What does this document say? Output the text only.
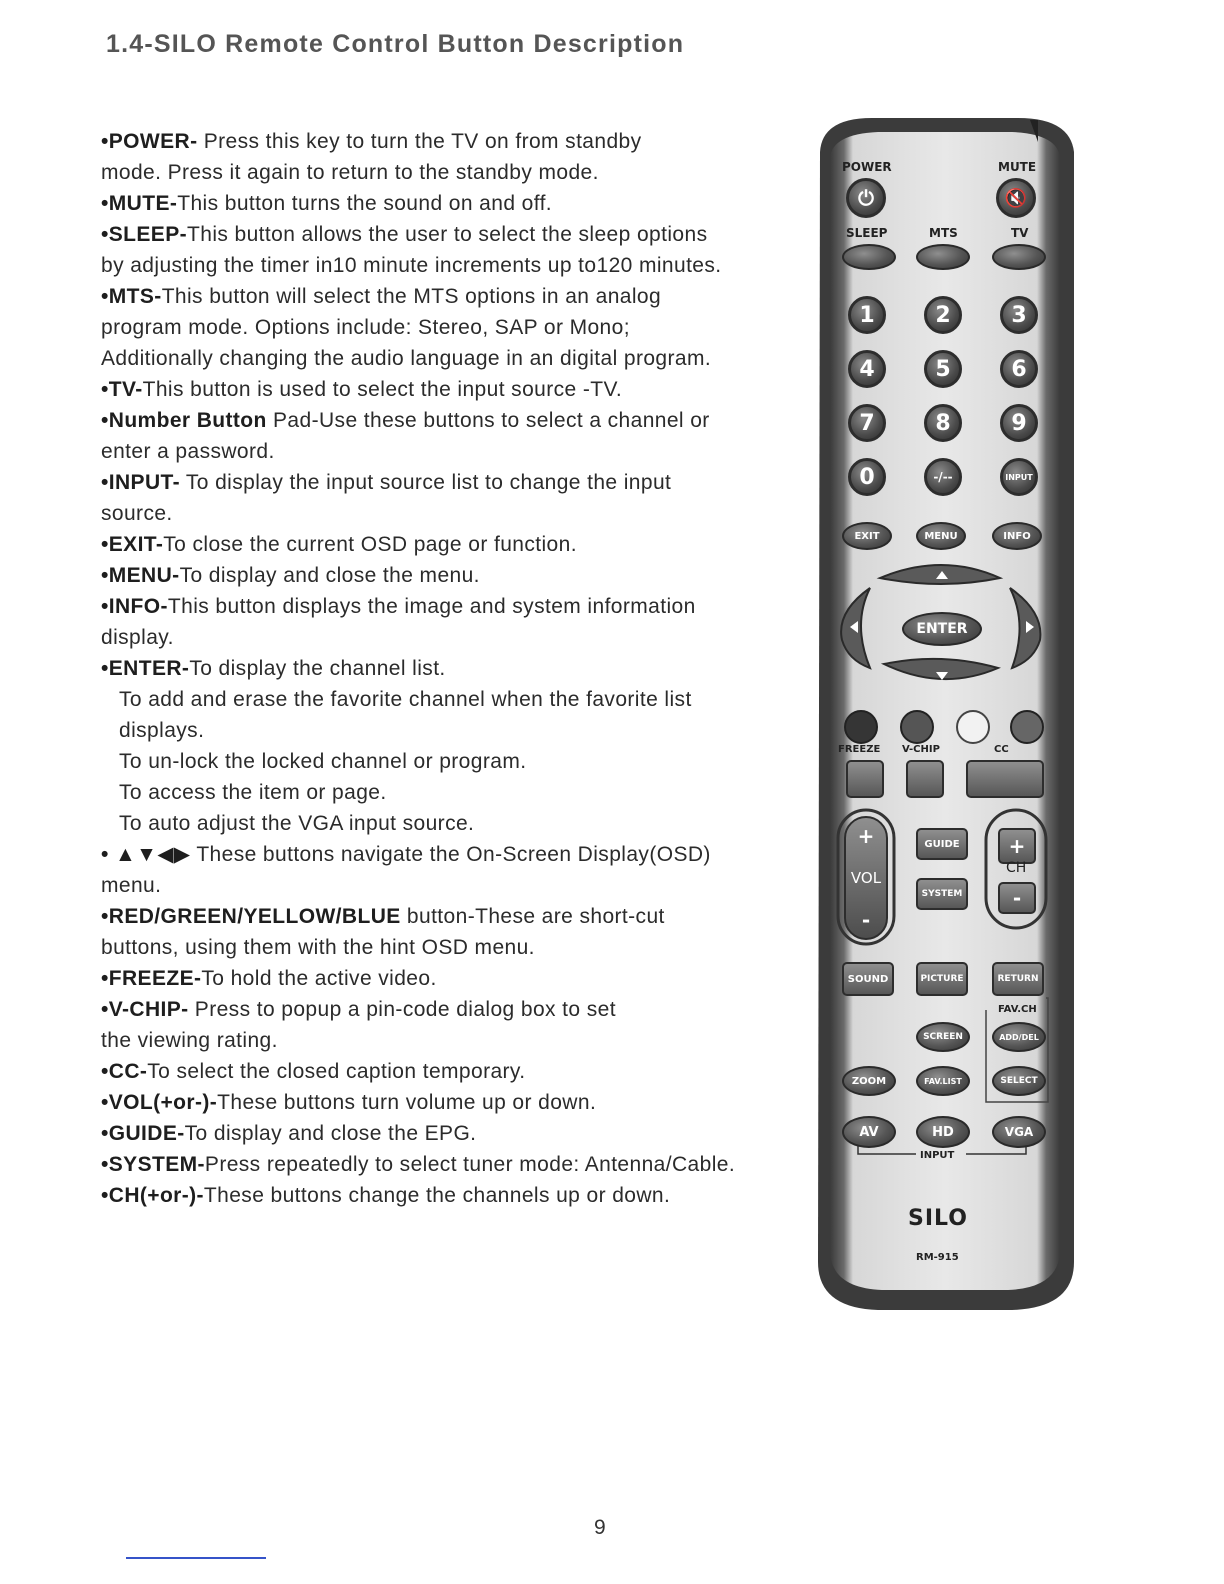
1.4-SILO Remote Control Button Description
•POWER- Press this key to turn the TV on from standby
mode. Press it again to return to the standby mode.
•MUTE-This button turns the sound on and off.
•SLEEP-This button allows the user to select the sleep options
by adjusting the timer in10 minute increments up to120 minutes.
•MTS-This button will select the MTS options in an analog
program mode. Options include: Stereo, SAP or Mono;
Additionally changing the audio language in an digital program.
•TV-This button is used to select the input source -TV.
•Number Button Pad-Use these buttons to select a channel or
enter a password.
•INPUT- To display the input source list to change the input
source.
•EXIT-To close the current OSD page or function.
•MENU-To display and close the menu.
•INFO-This button displays the image and system information
display.
•ENTER-To display the channel list.
To add and erase the favorite channel when the favorite list
displays.
To un-lock the locked channel or program.
To access the item or page.
To auto adjust the VGA input source.
• ▲▼◀▶ These buttons navigate the On-Screen Display(OSD)
menu.
•RED/GREEN/YELLOW/BLUE button-These are short-cut
buttons, using them with the hint OSD menu.
•FREEZE-To hold the active video.
•V-CHIP- Press to popup a pin-code dialog box to set
the viewing rating.
•CC-To select the closed caption temporary.
•VOL(+or-)-These buttons turn volume up or down.
•GUIDE-To display and close the EPG.
•SYSTEM-Press repeatedly to select tuner mode: Antenna/Cable.
•CH(+or-)-These buttons change the channels up or down.
POWER	MUTE
⏻	🔇
SLEEP	MTS	TV
1	2	3
4	5	6
7	8	9
0	-/--	INPUT
EXIT	MENU	INFO
ENTER
FREEZE V-CHIP	CC
+
VOL
-
GUIDE
SYSTEM
+
CH
-
SOUND	PICTURE	RETURN
FAV.CH
SCREEN	ADD/DEL
ZOOM	FAV.LIST	SELECT
AV	HD	VGA
INPUT
SILO
RM-915
9
